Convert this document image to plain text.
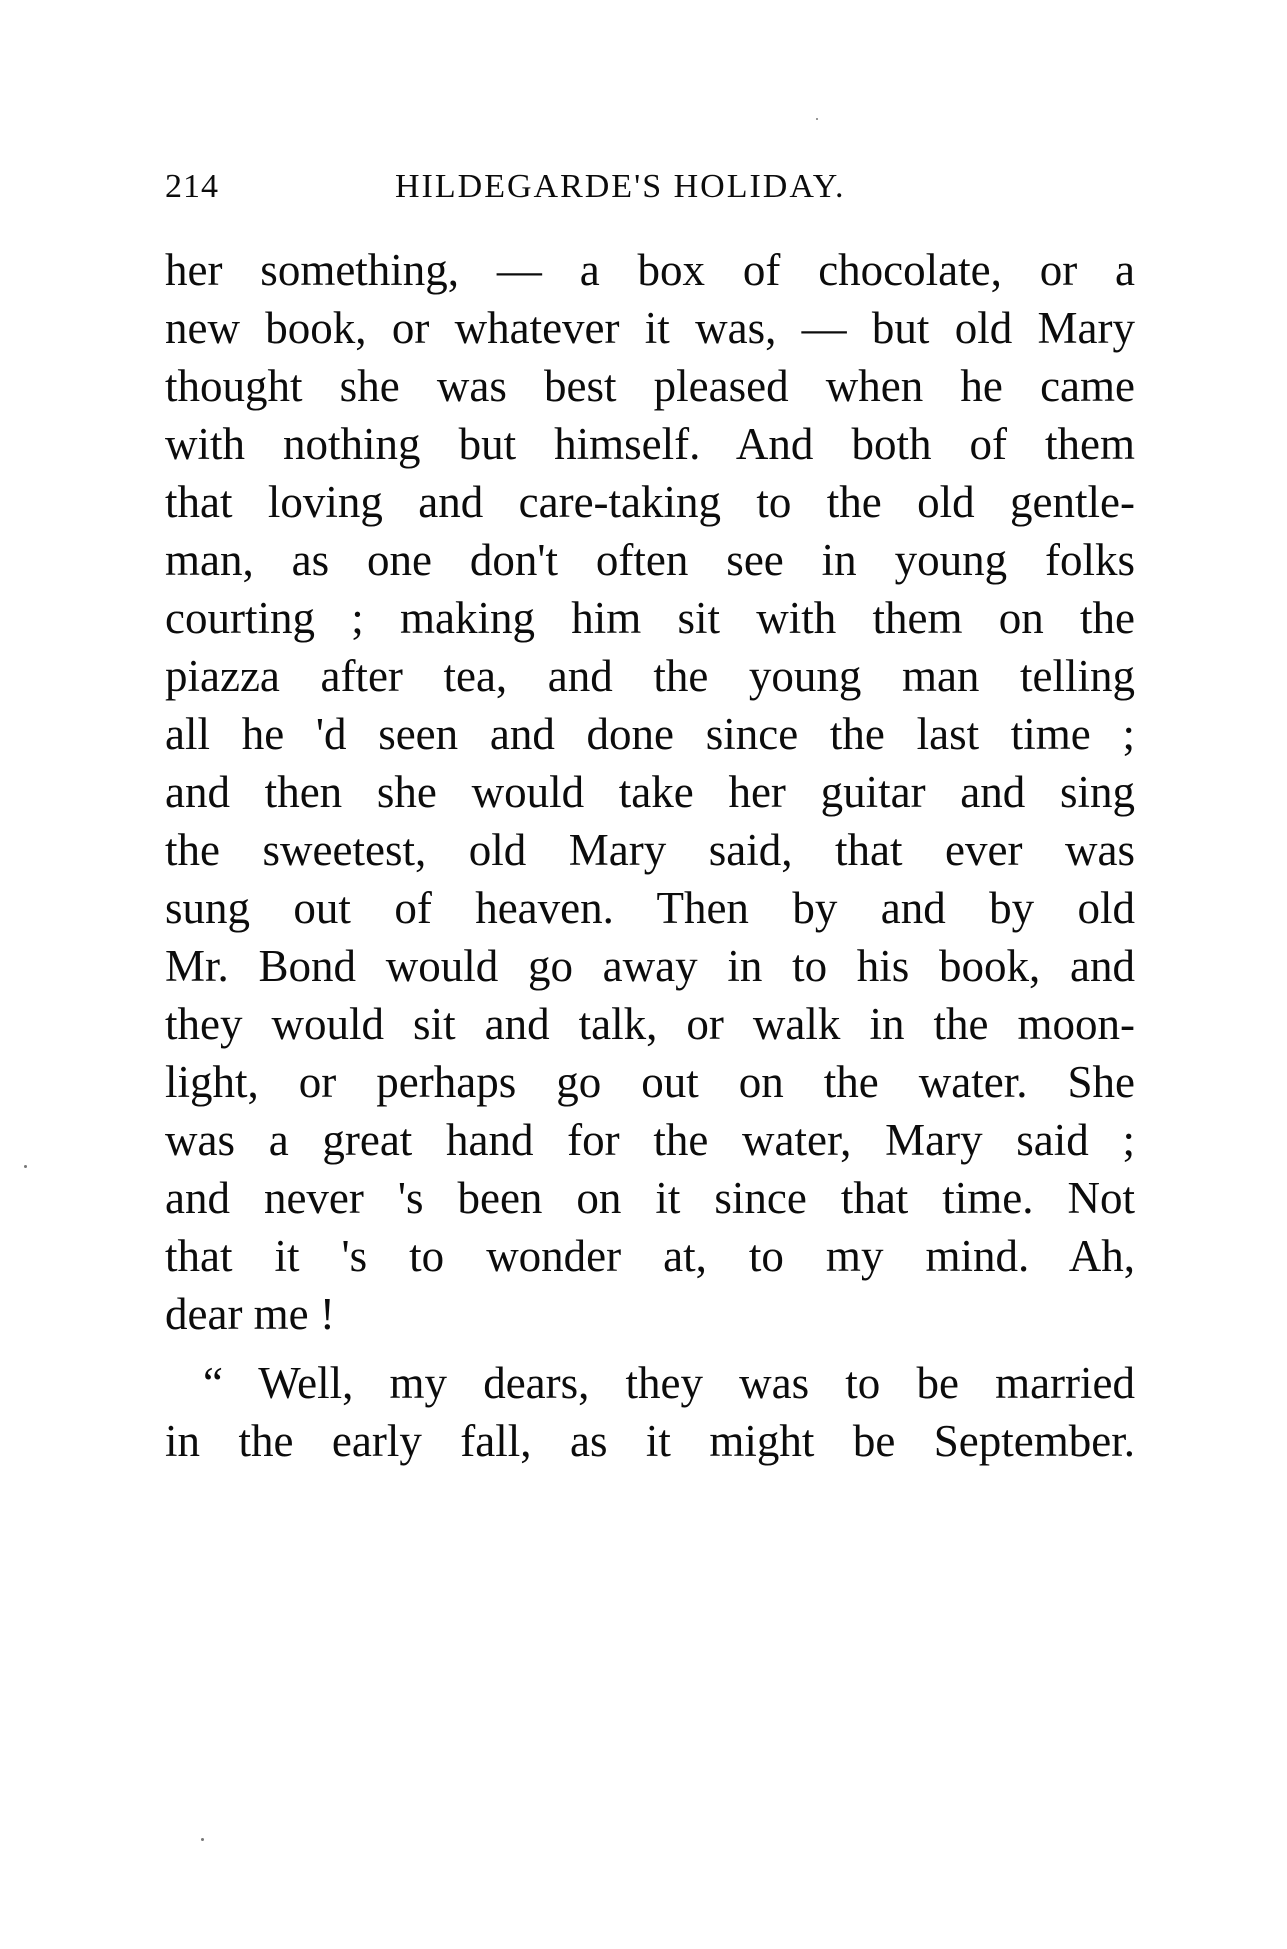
214	HILDEGARDE'S HOLIDAY.
her something, — a box of chocolate, or a
new book, or whatever it was, — but old Mary
thought she was best pleased when he came
with nothing but himself. And both of them
that loving and care-taking to the old gentle-
man, as one don't often see in young folks
courting ; making him sit with them on the
piazza after tea, and the young man telling
all he 'd seen and done since the last time ;
and then she would take her guitar and sing
the sweetest, old Mary said, that ever was
sung out of heaven. Then by and by old
Mr. Bond would go away in to his book, and
they would sit and talk, or walk in the moon-
light, or perhaps go out on the water. She
was a great hand for the water, Mary said ;
and never 's been on it since that time. Not
that it 's to wonder at, to my mind. Ah,
dear me !
“ Well, my dears, they was to be married
in the early fall, as it might be September.
